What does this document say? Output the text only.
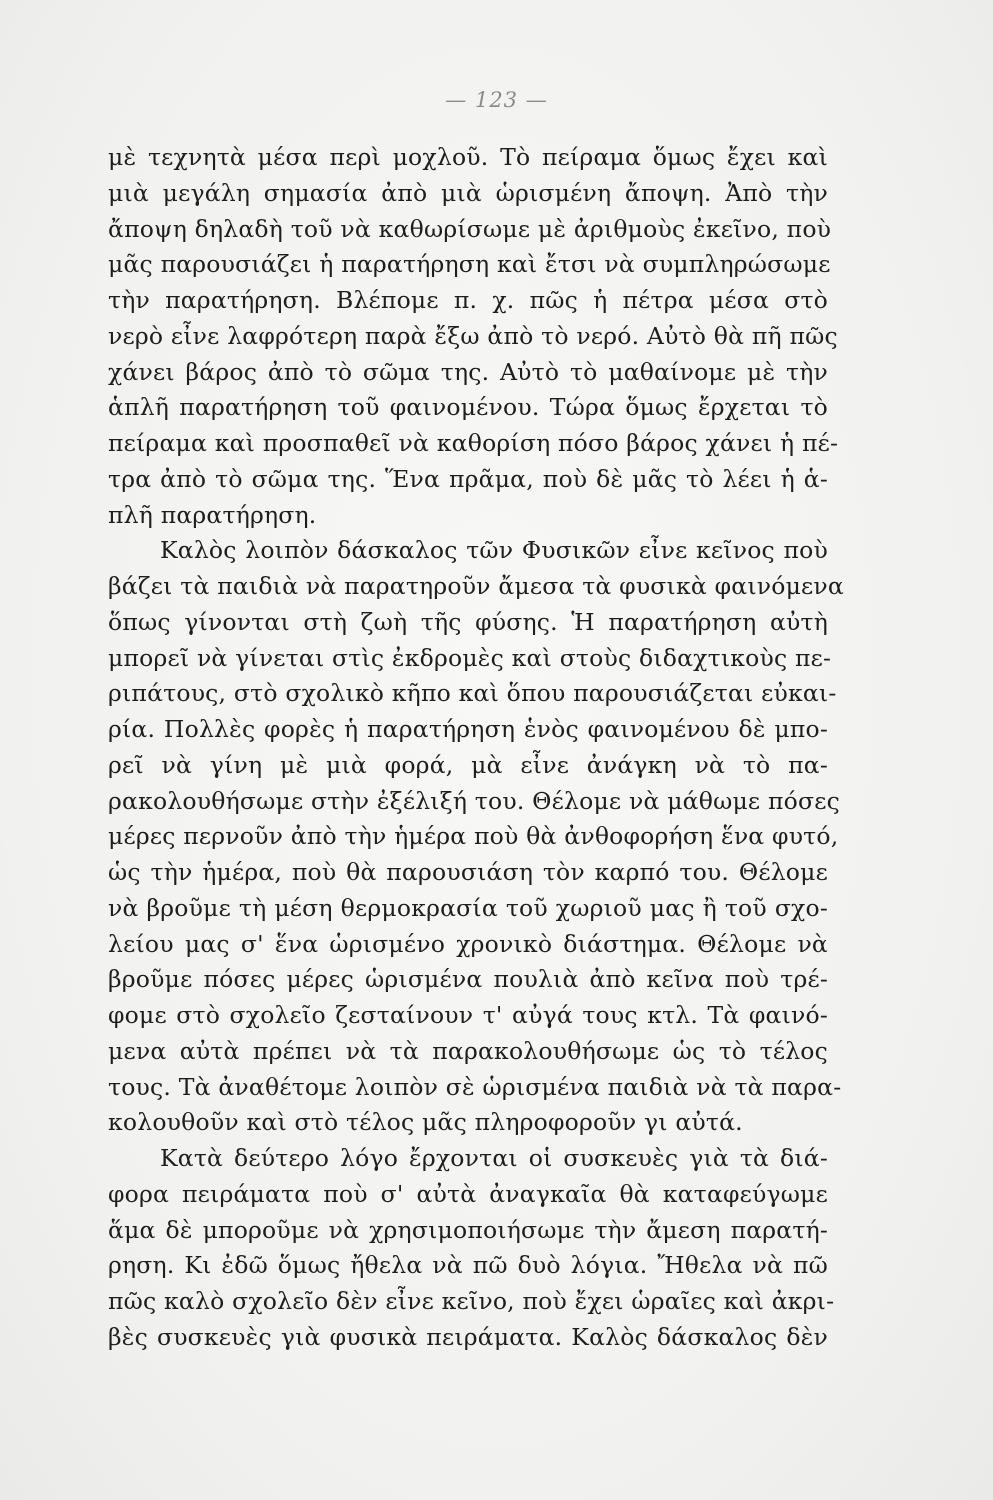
— 123 —
μὲ τεχνητὰ μέσα περὶ μοχλοῦ. Τὸ πείραμα ὅμως ἔχει καὶ
μιὰ μεγάλη σημασία ἀπὸ μιὰ ὡρισμένη ἄποψη. Ἀπὸ τὴν
ἄποψη δηλαδὴ τοῦ νὰ καθωρίσωμε μὲ ἀριθμοὺς ἐκεῖνο, ποὺ
μᾶς παρουσιάζει ἡ παρατήρηση καὶ ἔτσι νὰ συμπληρώσωμε
τὴν παρατήρηση. Βλέπομε π. χ. πῶς ἡ πέτρα μέσα στὸ
νερὸ εἶνε λαφρότερη παρὰ ἔξω ἀπὸ τὸ νερό. Αὐτὸ θὰ πῆ πῶς
χάνει βάρος ἀπὸ τὸ σῶμα της. Αὐτὸ τὸ μαθαίνομε μὲ τὴν
ἁπλῆ παρατήρηση τοῦ φαινομένου. Τώρα ὅμως ἔρχεται τὸ
πείραμα καὶ προσπαθεῖ νὰ καθορίση πόσο βάρος χάνει ἡ πέ-
τρα ἀπὸ τὸ σῶμα της. Ἕνα πρᾶμα, ποὺ δὲ μᾶς τὸ λέει ἡ ἁ-
πλῆ παρατήρηση.
Καλὸς λοιπὸν δάσκαλος τῶν Φυσικῶν εἶνε κεῖνος ποὺ
βάζει τὰ παιδιὰ νὰ παρατηροῦν ἄμεσα τὰ φυσικὰ φαινόμενα
ὅπως γίνονται στὴ ζωὴ τῆς φύσης. Ἡ παρατήρηση αὐτὴ
μπορεῖ νὰ γίνεται στὶς ἐκδρομὲς καὶ στοὺς διδαχτικοὺς πε-
ριπάτους, στὸ σχολικὸ κῆπο καὶ ὅπου παρουσιάζεται εὐκαι-
ρία. Πολλὲς φορὲς ἡ παρατήρηση ἑνὸς φαινομένου δὲ μπο-
ρεῖ νὰ γίνη μὲ μιὰ φορά, μὰ εἶνε ἀνάγκη νὰ τὸ πα-
ρακολουθήσωμε στὴν ἐξέλιξή του. Θέλομε νὰ μάθωμε πόσες
μέρες περνοῦν ἀπὸ τὴν ἡμέρα ποὺ θὰ ἀνθοφορήση ἕνα φυτό,
ὡς τὴν ἡμέρα, ποὺ θὰ παρουσιάση τὸν καρπό του. Θέλομε
νὰ βροῦμε τὴ μέση θερμοκρασία τοῦ χωριοῦ μας ἢ τοῦ σχο-
λείου μας σ' ἕνα ὡρισμένο χρονικὸ διάστημα. Θέλομε νὰ
βροῦμε πόσες μέρες ὡρισμένα πουλιὰ ἀπὸ κεῖνα ποὺ τρέ-
φομε στὸ σχολεῖο ζεσταίνουν τ' αὐγά τους κτλ. Τὰ φαινό-
μενα αὐτὰ πρέπει νὰ τὰ παρακολουθήσωμε ὡς τὸ τέλος
τους. Τὰ ἀναθέτομε λοιπὸν σὲ ὡρισμένα παιδιὰ νὰ τὰ παρα-
κολουθοῦν καὶ στὸ τέλος μᾶς πληροφοροῦν γι αὐτά.
Κατὰ δεύτερο λόγο ἔρχονται οἱ συσκευὲς γιὰ τὰ διά-
φορα πειράματα ποὺ σ' αὐτὰ ἀναγκαῖα θὰ καταφεύγωμε
ἅμα δὲ μποροῦμε νὰ χρησιμοποιήσωμε τὴν ἄμεση παρατή-
ρηση. Κι ἐδῶ ὅμως ἤθελα νὰ πῶ δυὸ λόγια. Ἤθελα νὰ πῶ
πῶς καλὸ σχολεῖο δὲν εἶνε κεῖνο, ποὺ ἔχει ὡραῖες καὶ ἀκρι-
βὲς συσκευὲς γιὰ φυσικὰ πειράματα. Καλὸς δάσκαλος δὲν
